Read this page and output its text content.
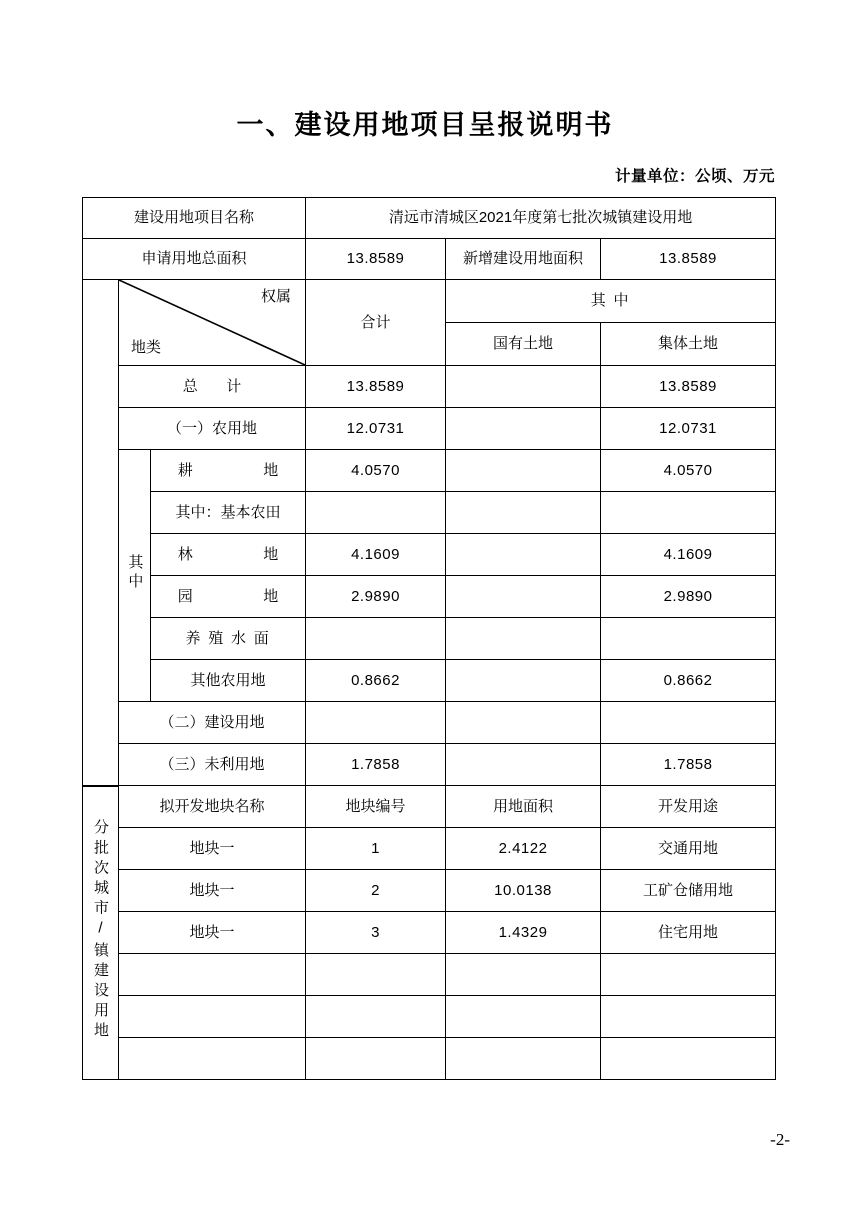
一、建设用地项目呈报说明书
计量单位：公顷、万元
建设用地项目名称			清远市清城区2021年度第七批次城镇建设用地		
申请用地总面积			13.8589	新增建设用地面积	13.8589

	权属
地类		合计	其 中	
				国有土地	集体土地
	总　计		13.8589		13.8589
	（一）农用地		12.0731		12.0731
	其中	耕　　地	4.0570		4.0570
		其中：基本农田			
		林　　地	4.1609		4.1609
		园　　地	2.9890		2.9890
		养 殖 水 面			
		其他农用地	0.8662		0.8662
	（二）建设用地				
	（三）未利用地		1.7858		1.7858
分批次城市/镇建设用地	拟开发地块名称		地块编号	用地面积	开发用途
	地块一		1	2.4122	交通用地
	地块一		2	10.0138	工矿仓储用地
	地块一		3	1.4329	住宅用地

-2-
